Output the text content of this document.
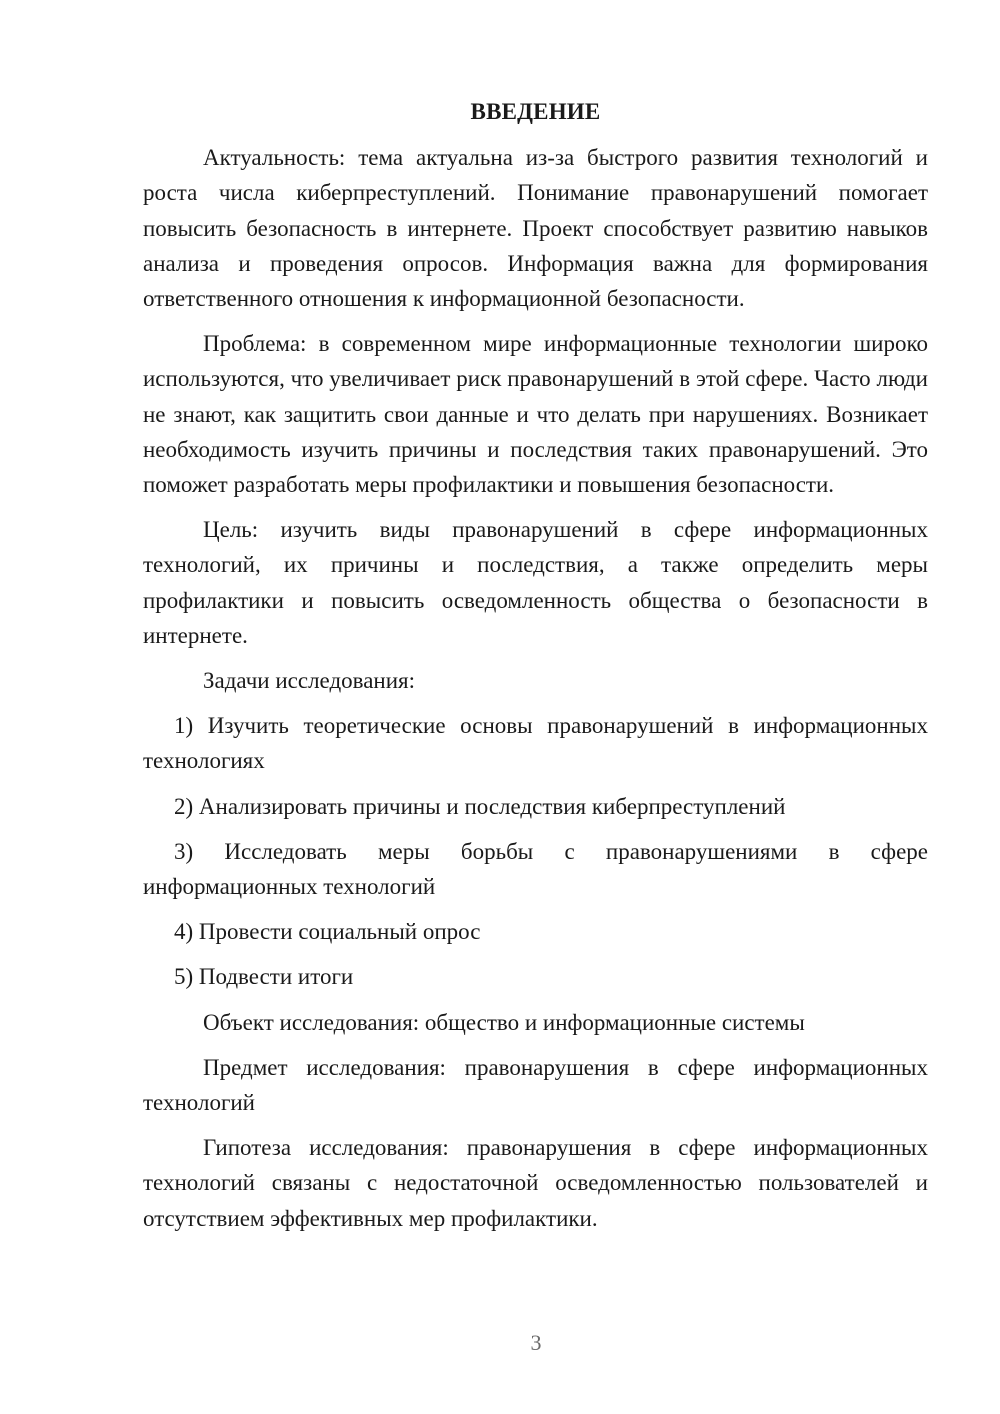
ВВЕДЕНИЕ

Актуальность: тема актуальна из-за быстрого развития технологий и роста числа киберпреступлений. Понимание правонарушений помогает повысить безопасность в интернете. Проект способствует развитию навыков анализа и проведения опросов. Информация важна для формирования ответственного отношения к информационной безопасности.

Проблема: в современном мире информационные технологии широко используются, что увеличивает риск правонарушений в этой сфере. Часто люди не знают, как защитить свои данные и что делать при нарушениях. Возникает необходимость изучить причины и последствия таких правонарушений. Это поможет разработать меры профилактики и повышения безопасности.

Цель: изучить виды правонарушений в сфере информационных технологий, их причины и последствия, а также определить меры профилактики и повысить осведомленность общества о безопасности в интернете.

Задачи исследования:

1) Изучить теоретические основы правонарушений в информационных технологиях

2) Анализировать причины и последствия киберпреступлений

3) Исследовать меры борьбы с правонарушениями в сфере информационных технологий

4) Провести социальный опрос

5) Подвести итоги

Объект исследования: общество и информационные системы

Предмет исследования: правонарушения в сфере информационных технологий

Гипотеза исследования: правонарушения в сфере информационных технологий связаны с недостаточной осведомленностью пользователей и отсутствием эффективных мер профилактики.

3
